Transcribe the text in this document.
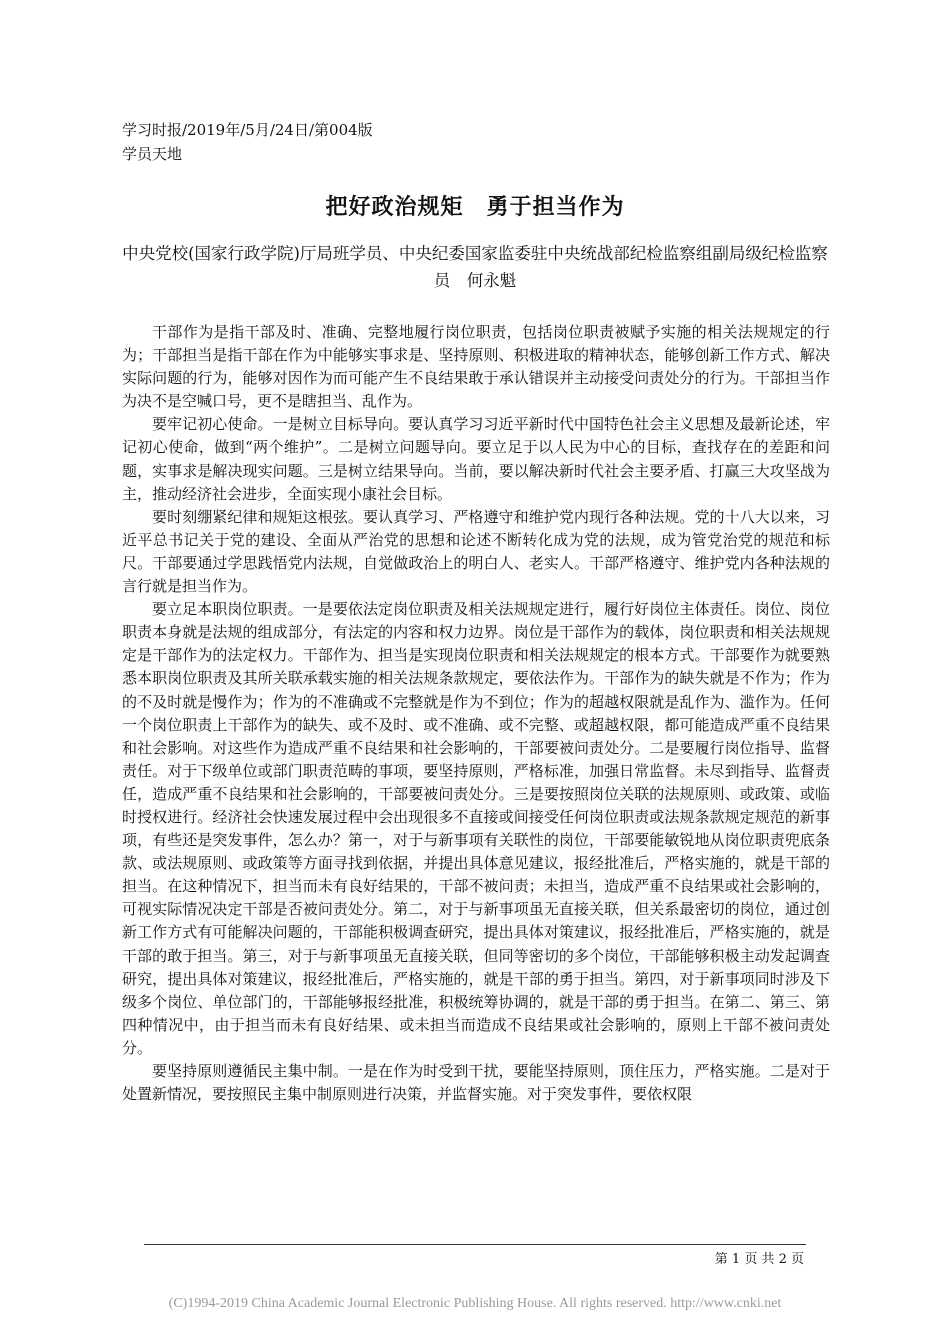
学习时报/2019年/5月/24日/第004版
学员天地
把好政治规矩　勇于担当作为
中央党校(国家行政学院)厅局班学员、中央纪委国家监委驻中央统战部纪检监察组副局级纪检监察员　何永魁

干部作为是指干部及时、准确、完整地履行岗位职责，包括岗位职责被赋予实施的相关法规规定的行为；干部担当是指干部在作为中能够实事求是、坚持原则、积极进取的精神状态，能够创新工作方式、解决实际问题的行为，能够对因作为而可能产生不良结果敢于承认错误并主动接受问责处分的行为。干部担当作为决不是空喊口号，更不是瞎担当、乱作为。

要牢记初心使命。一是树立目标导向。要认真学习习近平新时代中国特色社会主义思想及最新论述，牢记初心使命，做到“两个维护”。二是树立问题导向。要立足于以人民为中心的目标，查找存在的差距和问题，实事求是解决现实问题。三是树立结果导向。当前，要以解决新时代社会主要矛盾、打赢三大攻坚战为主，推动经济社会进步，全面实现小康社会目标。

要时刻绷紧纪律和规矩这根弦。要认真学习、严格遵守和维护党内现行各种法规。党的十八大以来，习近平总书记关于党的建设、全面从严治党的思想和论述不断转化成为党的法规，成为管党治党的规范和标尺。干部要通过学思践悟党内法规，自觉做政治上的明白人、老实人。干部严格遵守、维护党内各种法规的言行就是担当作为。

要立足本职岗位职责。一是要依法定岗位职责及相关法规规定进行，履行好岗位主体责任。岗位、岗位职责本身就是法规的组成部分，有法定的内容和权力边界。岗位是干部作为的载体，岗位职责和相关法规规定是干部作为的法定权力。干部作为、担当是实现岗位职责和相关法规规定的根本方式。干部要作为就要熟悉本职岗位职责及其所关联承载实施的相关法规条款规定，要依法作为。干部作为的缺失就是不作为；作为的不及时就是慢作为；作为的不准确或不完整就是作为不到位；作为的超越权限就是乱作为、滥作为。任何一个岗位职责上干部作为的缺失、或不及时、或不准确、或不完整、或超越权限，都可能造成严重不良结果和社会影响。对这些作为造成严重不良结果和社会影响的，干部要被问责处分。二是要履行岗位指导、监督责任。对于下级单位或部门职责范畴的事项，要坚持原则，严格标准，加强日常监督。未尽到指导、监督责任，造成严重不良结果和社会影响的，干部要被问责处分。三是要按照岗位关联的法规原则、或政策、或临时授权进行。经济社会快速发展过程中会出现很多不直接或间接受任何岗位职责或法规条款规定规范的新事项，有些还是突发事件，怎么办？第一，对于与新事项有关联性的岗位，干部要能敏锐地从岗位职责兜底条款、或法规原则、或政策等方面寻找到依据，并提出具体意见建议，报经批准后，严格实施的，就是干部的担当。在这种情况下，担当而未有良好结果的，干部不被问责；未担当，造成严重不良结果或社会影响的，可视实际情况决定干部是否被问责处分。第二，对于与新事项虽无直接关联，但关系最密切的岗位，通过创新工作方式有可能解决问题的，干部能积极调查研究，提出具体对策建议，报经批准后，严格实施的，就是干部的敢于担当。第三，对于与新事项虽无直接关联，但同等密切的多个岗位，干部能够积极主动发起调查研究，提出具体对策建议，报经批准后，严格实施的，就是干部的勇于担当。第四，对于新事项同时涉及下级多个岗位、单位部门的，干部能够报经批准，积极统筹协调的，就是干部的勇于担当。在第二、第三、第四种情况中，由于担当而未有良好结果、或未担当而造成不良结果或社会影响的，原则上干部不被问责处分。

要坚持原则遵循民主集中制。一是在作为时受到干扰，要能坚持原则，顶住压力，严格实施。二是对于处置新情况，要按照民主集中制原则进行决策，并监督实施。对于突发事件，要依权限

第 1 页 共 2 页
(C)1994-2019 China Academic Journal Electronic Publishing House. All rights reserved. http://www.cnki.net
